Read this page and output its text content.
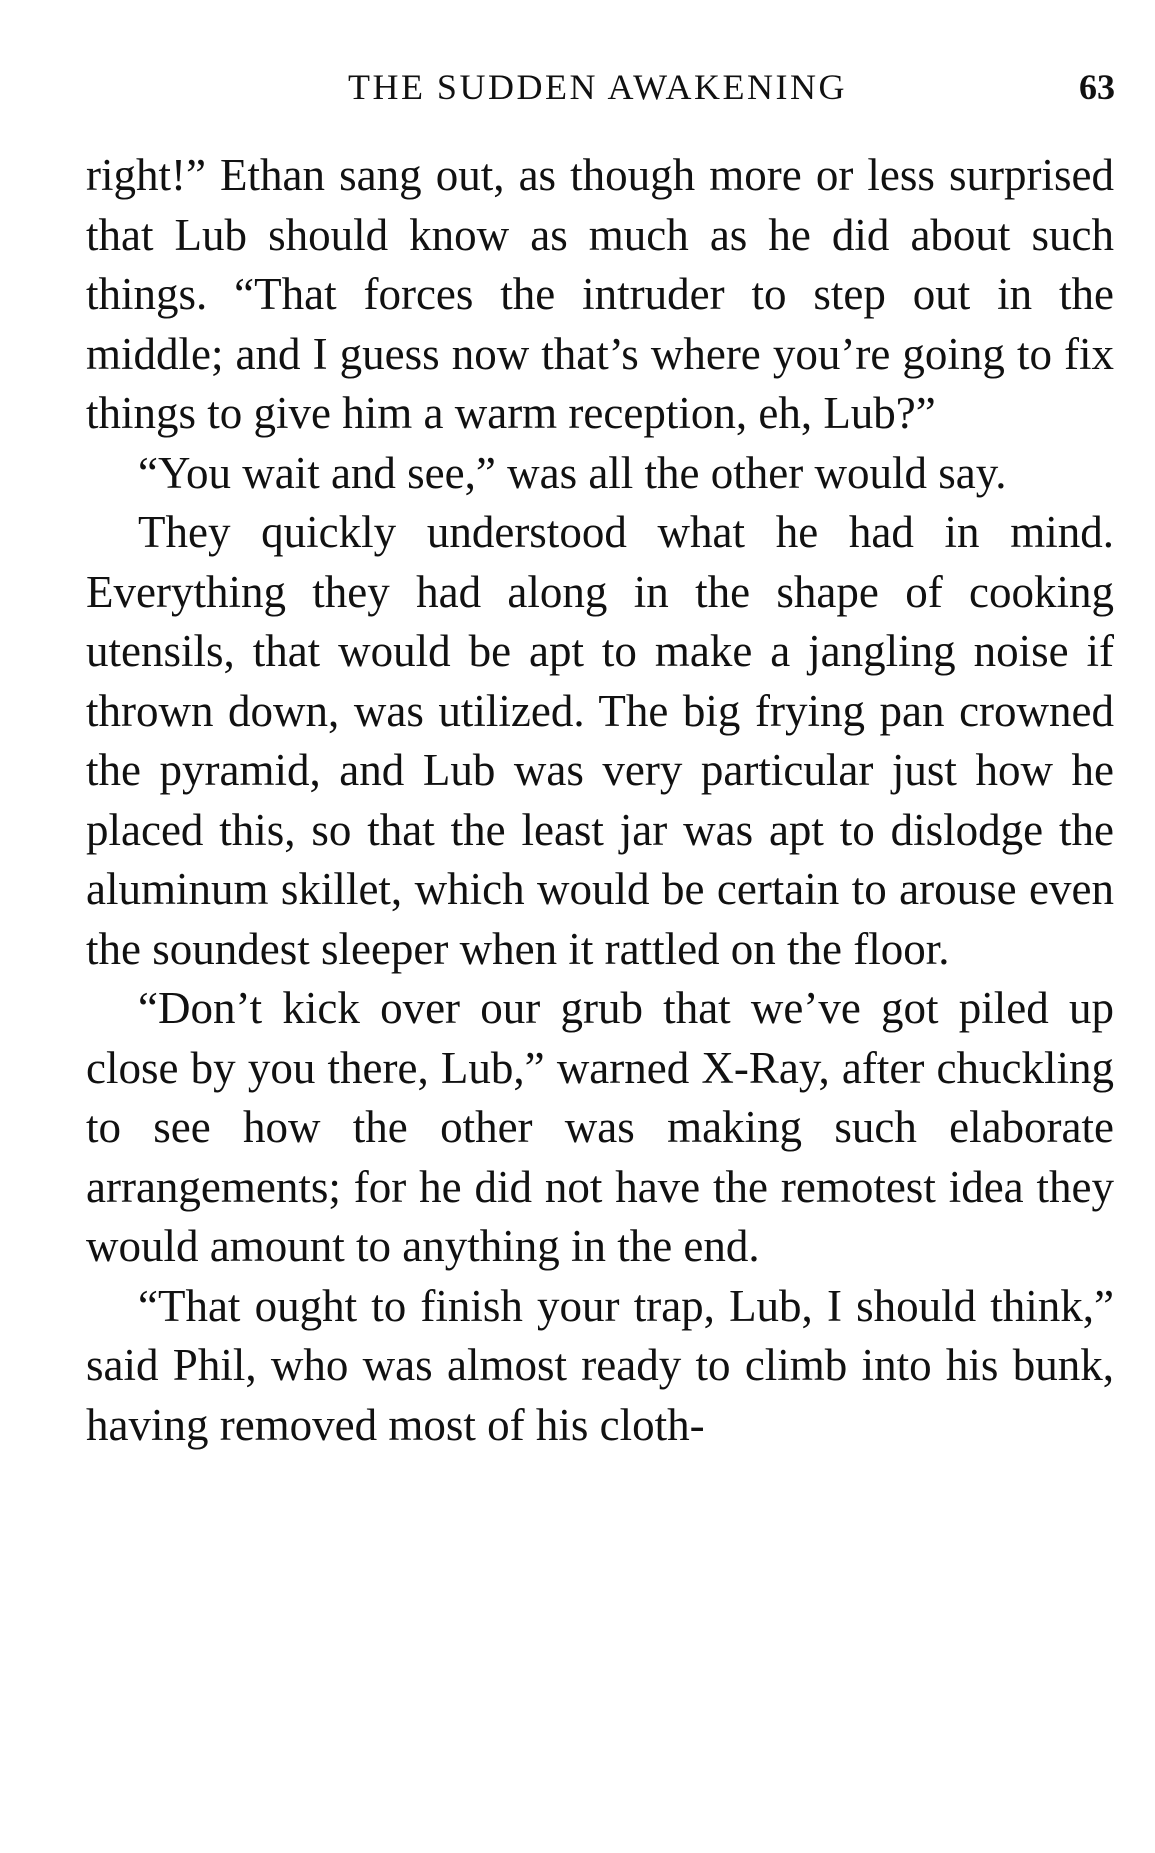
THE SUDDEN AWAKENING	63

right!” Ethan sang out, as though more or less surprised that Lub should know as much as he did about such things. “That forces the intruder to step out in the middle; and I guess now that’s where you’re going to fix things to give him a warm reception, eh, Lub?”

“You wait and see,” was all the other would say.

They quickly understood what he had in mind. Everything they had along in the shape of cooking utensils, that would be apt to make a jangling noise if thrown down, was utilized. The big frying pan crowned the pyramid, and Lub was very particular just how he placed this, so that the least jar was apt to dislodge the aluminum skillet, which would be certain to arouse even the soundest sleeper when it rattled on the floor.

“Don’t kick over our grub that we’ve got piled up close by you there, Lub,” warned X-Ray, after chuckling to see how the other was making such elaborate arrangements; for he did not have the remotest idea they would amount to anything in the end.

“That ought to finish your trap, Lub, I should think,” said Phil, who was almost ready to climb into his bunk, having removed most of his cloth-
